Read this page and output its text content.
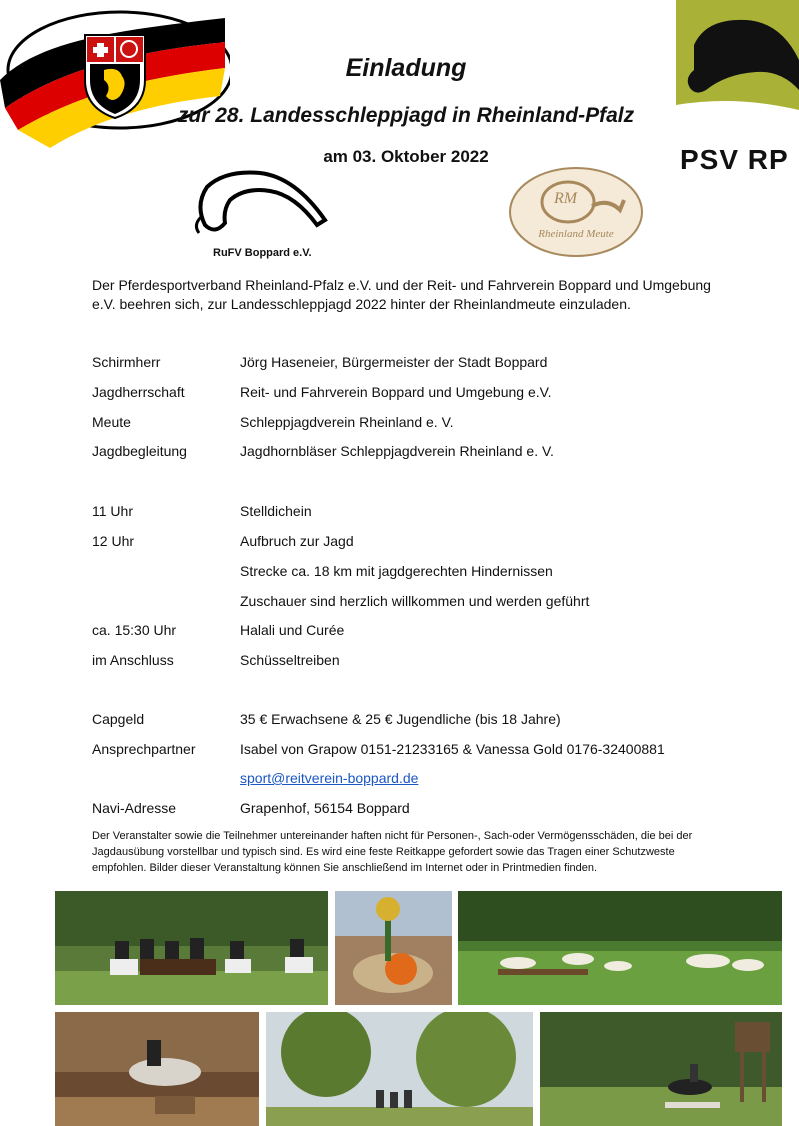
PSV RP
Einladung
zur 28. Landesschleppjagd in Rheinland-Pfalz
am 03. Oktober 2022
RuFV Boppard e.V.
RM
Rheinland Meute
Der Pferdesportverband Rheinland-Pfalz e.V. und der Reit- und Fahrverein Boppard und Umgebung e.V. beehren sich, zur Landesschleppjagd 2022 hinter der Rheinlandmeute einzuladen.
Schirmherr	Jörg Haseneier, Bürgermeister der Stadt Boppard
Jagdherrschaft	Reit- und Fahrverein Boppard und Umgebung e.V.
Meute	Schleppjagdverein Rheinland e. V.
Jagdbegleitung	Jagdhornbläser Schleppjagdverein Rheinland e. V.
11 Uhr	Stelldichein
12 Uhr	Aufbruch zur Jagd
Strecke ca. 18 km mit jagdgerechten Hindernissen
Zuschauer sind herzlich willkommen und werden geführt
ca. 15:30 Uhr	Halali und Curée
im Anschluss	Schüsseltreiben
Capgeld	35 € Erwachsene & 25 € Jugendliche (bis 18 Jahre)
Ansprechpartner	Isabel von Grapow 0151-21233165 & Vanessa Gold 0176-32400881
sport@reitverein-boppard.de
Navi-Adresse	Grapenhof, 56154 Boppard
Der Veranstalter sowie die Teilnehmer untereinander haften nicht für Personen-, Sach-oder Vermögensschäden, die bei der Jagdausübung vorstellbar und typisch sind. Es wird eine feste Reitkappe gefordert sowie das Tragen einer Schutzweste empfohlen. Bilder dieser Veranstaltung können Sie anschließend im Internet oder in Printmedien finden.
